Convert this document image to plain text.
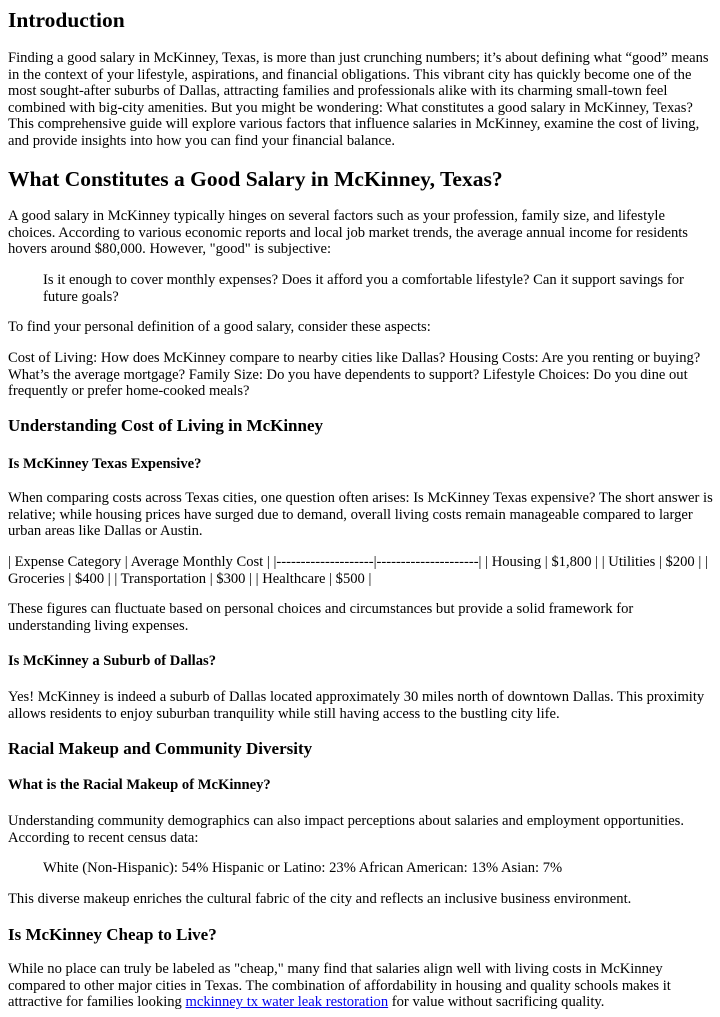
Introduction

Finding a good salary in McKinney, Texas, is more than just crunching numbers; it’s about defining what “good” means in the context of your lifestyle, aspirations, and financial obligations. This vibrant city has quickly become one of the most sought-after suburbs of Dallas, attracting families and professionals alike with its charming small-town feel combined with big-city amenities. But you might be wondering: What constitutes a good salary in McKinney, Texas? This comprehensive guide will explore various factors that influence salaries in McKinney, examine the cost of living, and provide insights into how you can find your financial balance.

What Constitutes a Good Salary in McKinney, Texas?

A good salary in McKinney typically hinges on several factors such as your profession, family size, and lifestyle choices. According to various economic reports and local job market trends, the average annual income for residents hovers around $80,000. However, "good" is subjective:

Is it enough to cover monthly expenses? Does it afford you a comfortable lifestyle? Can it support savings for future goals?

To find your personal definition of a good salary, consider these aspects:

Cost of Living: How does McKinney compare to nearby cities like Dallas? Housing Costs: Are you renting or buying? What’s the average mortgage? Family Size: Do you have dependents to support? Lifestyle Choices: Do you dine out frequently or prefer home-cooked meals?

Understanding Cost of Living in McKinney
Is McKinney Texas Expensive?

When comparing costs across Texas cities, one question often arises: Is McKinney Texas expensive? The short answer is relative; while housing prices have surged due to demand, overall living costs remain manageable compared to larger urban areas like Dallas or Austin.

| Expense Category | Average Monthly Cost | |--------------------|---------------------| | Housing | $1,800 | | Utilities | $200 | | Groceries | $400 | | Transportation | $300 | | Healthcare | $500 |

These figures can fluctuate based on personal choices and circumstances but provide a solid framework for understanding living expenses.

Is McKinney a Suburb of Dallas?

Yes! McKinney is indeed a suburb of Dallas located approximately 30 miles north of downtown Dallas. This proximity allows residents to enjoy suburban tranquility while still having access to the bustling city life.

Racial Makeup and Community Diversity
What is the Racial Makeup of McKinney?

Understanding community demographics can also impact perceptions about salaries and employment opportunities. According to recent census data:

White (Non-Hispanic): 54% Hispanic or Latino: 23% African American: 13% Asian: 7%

This diverse makeup enriches the cultural fabric of the city and reflects an inclusive business environment.

Is McKinney Cheap to Live?

While no place can truly be labeled as "cheap," many find that salaries align well with living costs in McKinney compared to other major cities in Texas. The combination of affordability in housing and quality schools makes it attractive for families looking mckinney tx water leak restoration for value without sacrificing quality.
